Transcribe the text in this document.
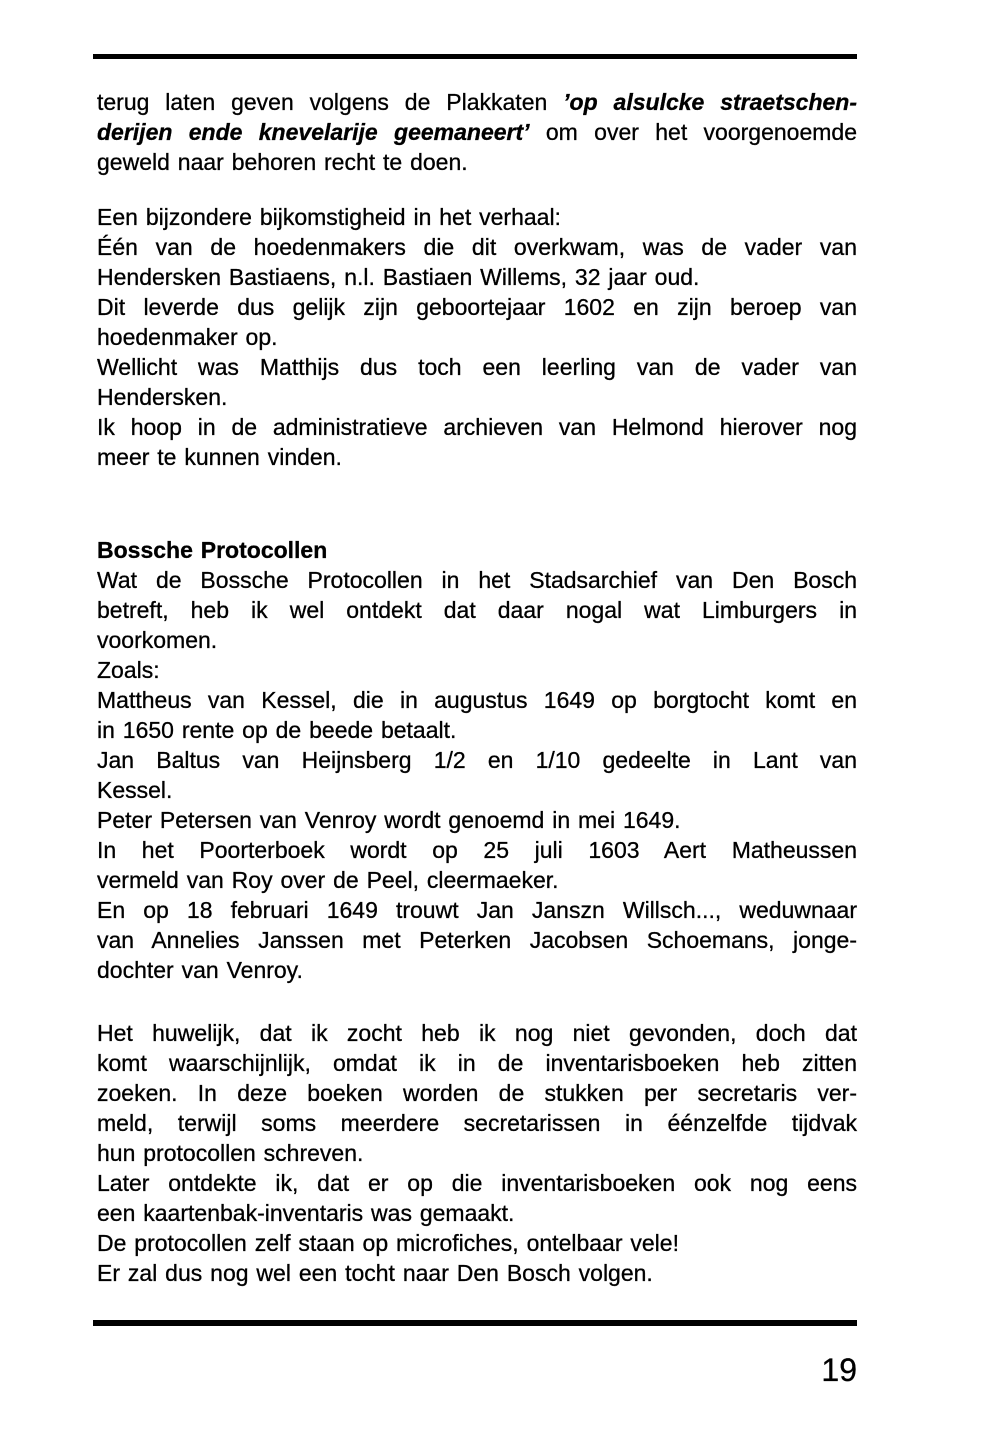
terug laten geven volgens de Plakkaten ’op alsulcke straetschen-
derijen ende knevelarije geemaneert’ om over het voorgenoemde
geweld naar behoren recht te doen.
Een bijzondere bijkomstigheid in het verhaal:
Één van de hoedenmakers die dit overkwam, was de vader van
Hendersken Bastiaens, n.l. Bastiaen Willems, 32 jaar oud.
Dit leverde dus gelijk zijn geboortejaar 1602 en zijn beroep van
hoedenmaker op.
Wellicht was Matthijs dus toch een leerling van de vader van
Hendersken.
Ik hoop in de administratieve archieven van Helmond hierover nog
meer te kunnen vinden.
Bossche Protocollen
Wat de Bossche Protocollen in het Stadsarchief van Den Bosch
betreft, heb ik wel ontdekt dat daar nogal wat Limburgers in
voorkomen.
Zoals:
Mattheus van Kessel, die in augustus 1649 op borgtocht komt en
in 1650 rente op de beede betaalt.
Jan Baltus van Heijnsberg 1/2 en 1/10 gedeelte in Lant van
Kessel.
Peter Petersen van Venroy wordt genoemd in mei 1649.
In het Poorterboek wordt op 25 juli 1603 Aert Matheussen
vermeld van Roy over de Peel, cleermaeker.
En op 18 februari 1649 trouwt Jan Janszn Willsch..., weduwnaar
van Annelies Janssen met Peterken Jacobsen Schoemans, jonge-
dochter van Venroy.
Het huwelijk, dat ik zocht heb ik nog niet gevonden, doch dat
komt waarschijnlijk, omdat ik in de inventarisboeken heb zitten
zoeken. In deze boeken worden de stukken per secretaris ver-
meld, terwijl soms meerdere secretarissen in éénzelfde tijdvak
hun protocollen schreven.
Later ontdekte ik, dat er op die inventarisboeken ook nog eens
een kaartenbak-inventaris was gemaakt.
De protocollen zelf staan op microfiches, ontelbaar vele!
Er zal dus nog wel een tocht naar Den Bosch volgen.
19
